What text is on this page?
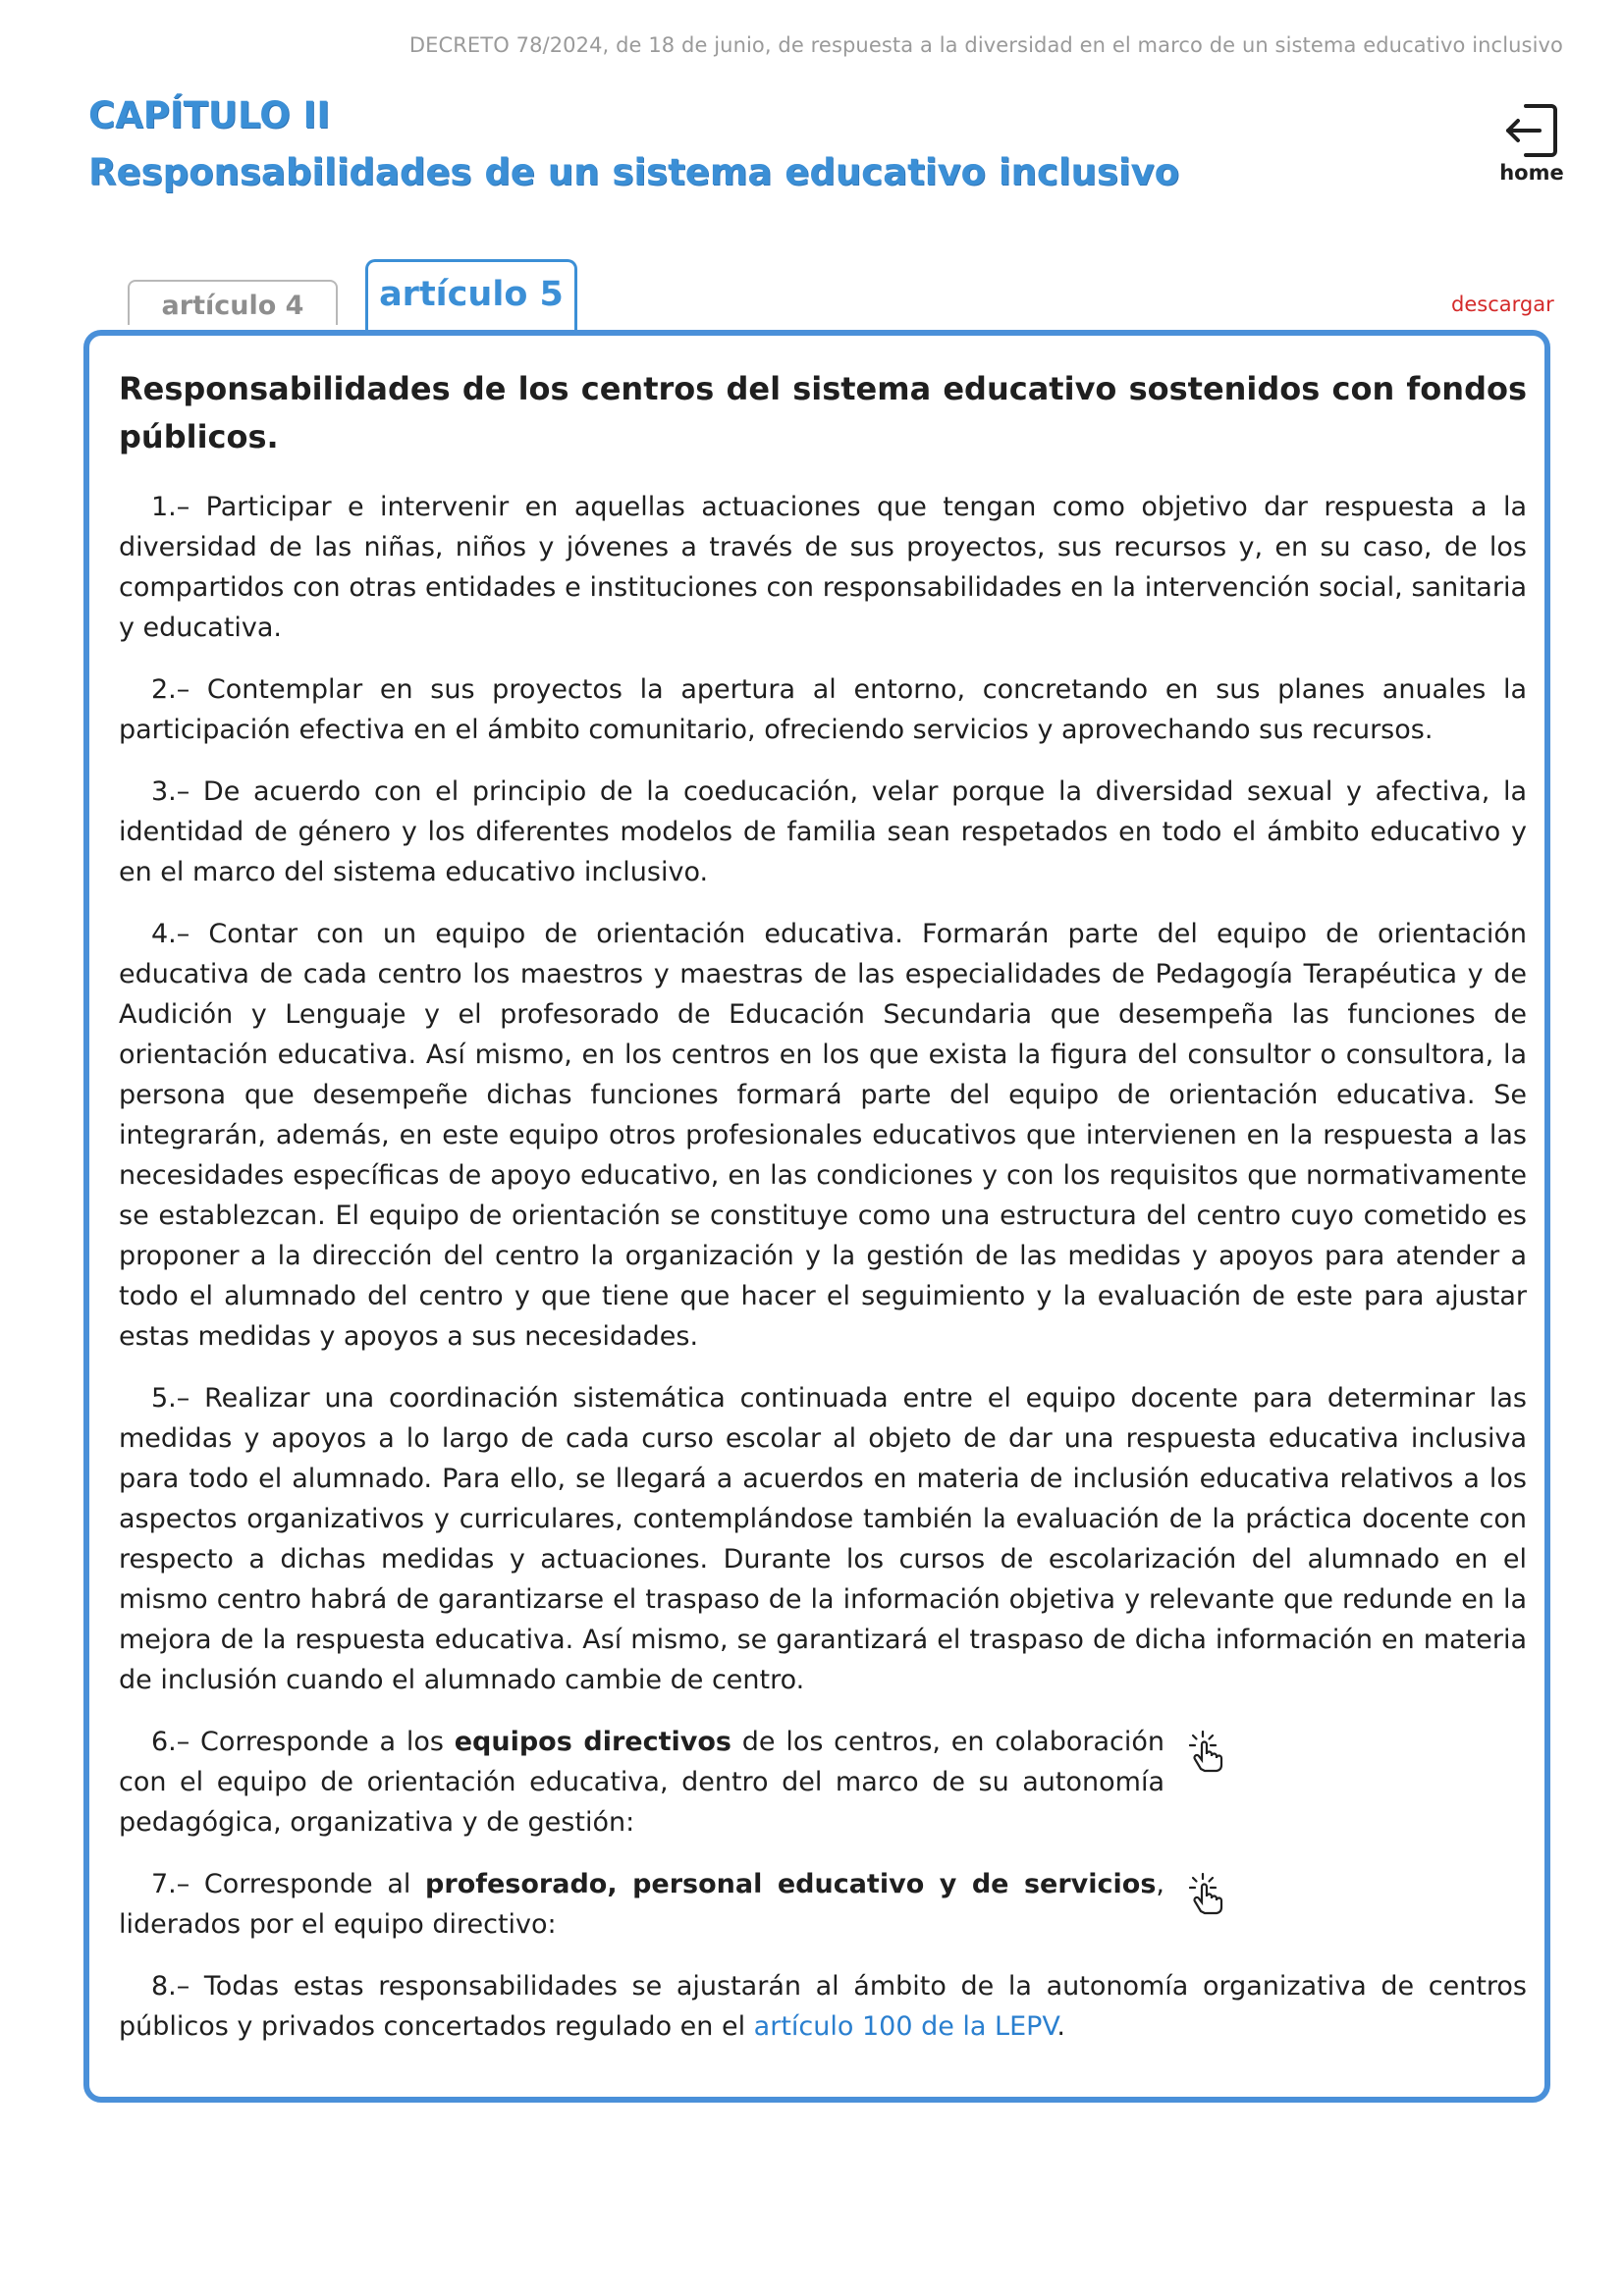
DECRETO 78/2024, de 18 de junio, de respuesta a la diversidad en el marco de un sistema educativo inclusivo
CAPÍTULO II
Responsabilidades de un sistema educativo inclusivo	home
artículo 4	artículo 5	descargar
Responsabilidades de los centros del sistema educativo sostenidos con fondos públicos.

1.– Participar e intervenir en aquellas actuaciones que tengan como objetivo dar respuesta a la diversidad de las niñas, niños y jóvenes a través de sus proyectos, sus recursos y, en su caso, de los compartidos con otras entidades e instituciones con responsabilidades en la intervención social, sanitaria y educativa.

2.– Contemplar en sus proyectos la apertura al entorno, concretando en sus planes anuales la participación efectiva en el ámbito comunitario, ofreciendo servicios y aprovechando sus recursos.

3.– De acuerdo con el principio de la coeducación, velar porque la diversidad sexual y afectiva, la identidad de género y los diferentes modelos de familia sean respetados en todo el ámbito educativo y en el marco del sistema educativo inclusivo.

4.– Contar con un equipo de orientación educativa. Formarán parte del equipo de orientación educativa de cada centro los maestros y maestras de las especialidades de Pedagogía Terapéutica y de Audición y Lenguaje y el profesorado de Educación Secundaria que desempeña las funciones de orientación educativa. Así mismo, en los centros en los que exista la figura del consultor o consultora, la persona que desempeñe dichas funciones formará parte del equipo de orientación educativa. Se integrarán, además, en este equipo otros profesionales educativos que intervienen en la respuesta a las necesidades específicas de apoyo educativo, en las condiciones y con los requisitos que normativamente se establezcan. El equipo de orientación se constituye como una estructura del centro cuyo cometido es proponer a la dirección del centro la organización y la gestión de las medidas y apoyos para atender a todo el alumnado del centro y que tiene que hacer el seguimiento y la evaluación de este para ajustar estas medidas y apoyos a sus necesidades.

5.– Realizar una coordinación sistemática continuada entre el equipo docente para determinar las medidas y apoyos a lo largo de cada curso escolar al objeto de dar una respuesta educativa inclusiva para todo el alumnado. Para ello, se llegará a acuerdos en materia de inclusión educativa relativos a los aspectos organizativos y curriculares, contemplándose también la evaluación de la práctica docente con respecto a dichas medidas y actuaciones. Durante los cursos de escolarización del alumnado en el mismo centro habrá de garantizarse el traspaso de la información objetiva y relevante que redunde en la mejora de la respuesta educativa. Así mismo, se garantizará el traspaso de dicha información en materia de inclusión cuando el alumnado cambie de centro.

6.– Corresponde a los equipos directivos de los centros, en colaboración con el equipo de orientación educativa, dentro del marco de su autonomía pedagógica, organizativa y de gestión:

7.– Corresponde al profesorado, personal educativo y de servicios, liderados por el equipo directivo:

8.– Todas estas responsabilidades se ajustarán al ámbito de la autonomía organizativa de centros públicos y privados concertados regulado en el artículo 100 de la LEPV.
